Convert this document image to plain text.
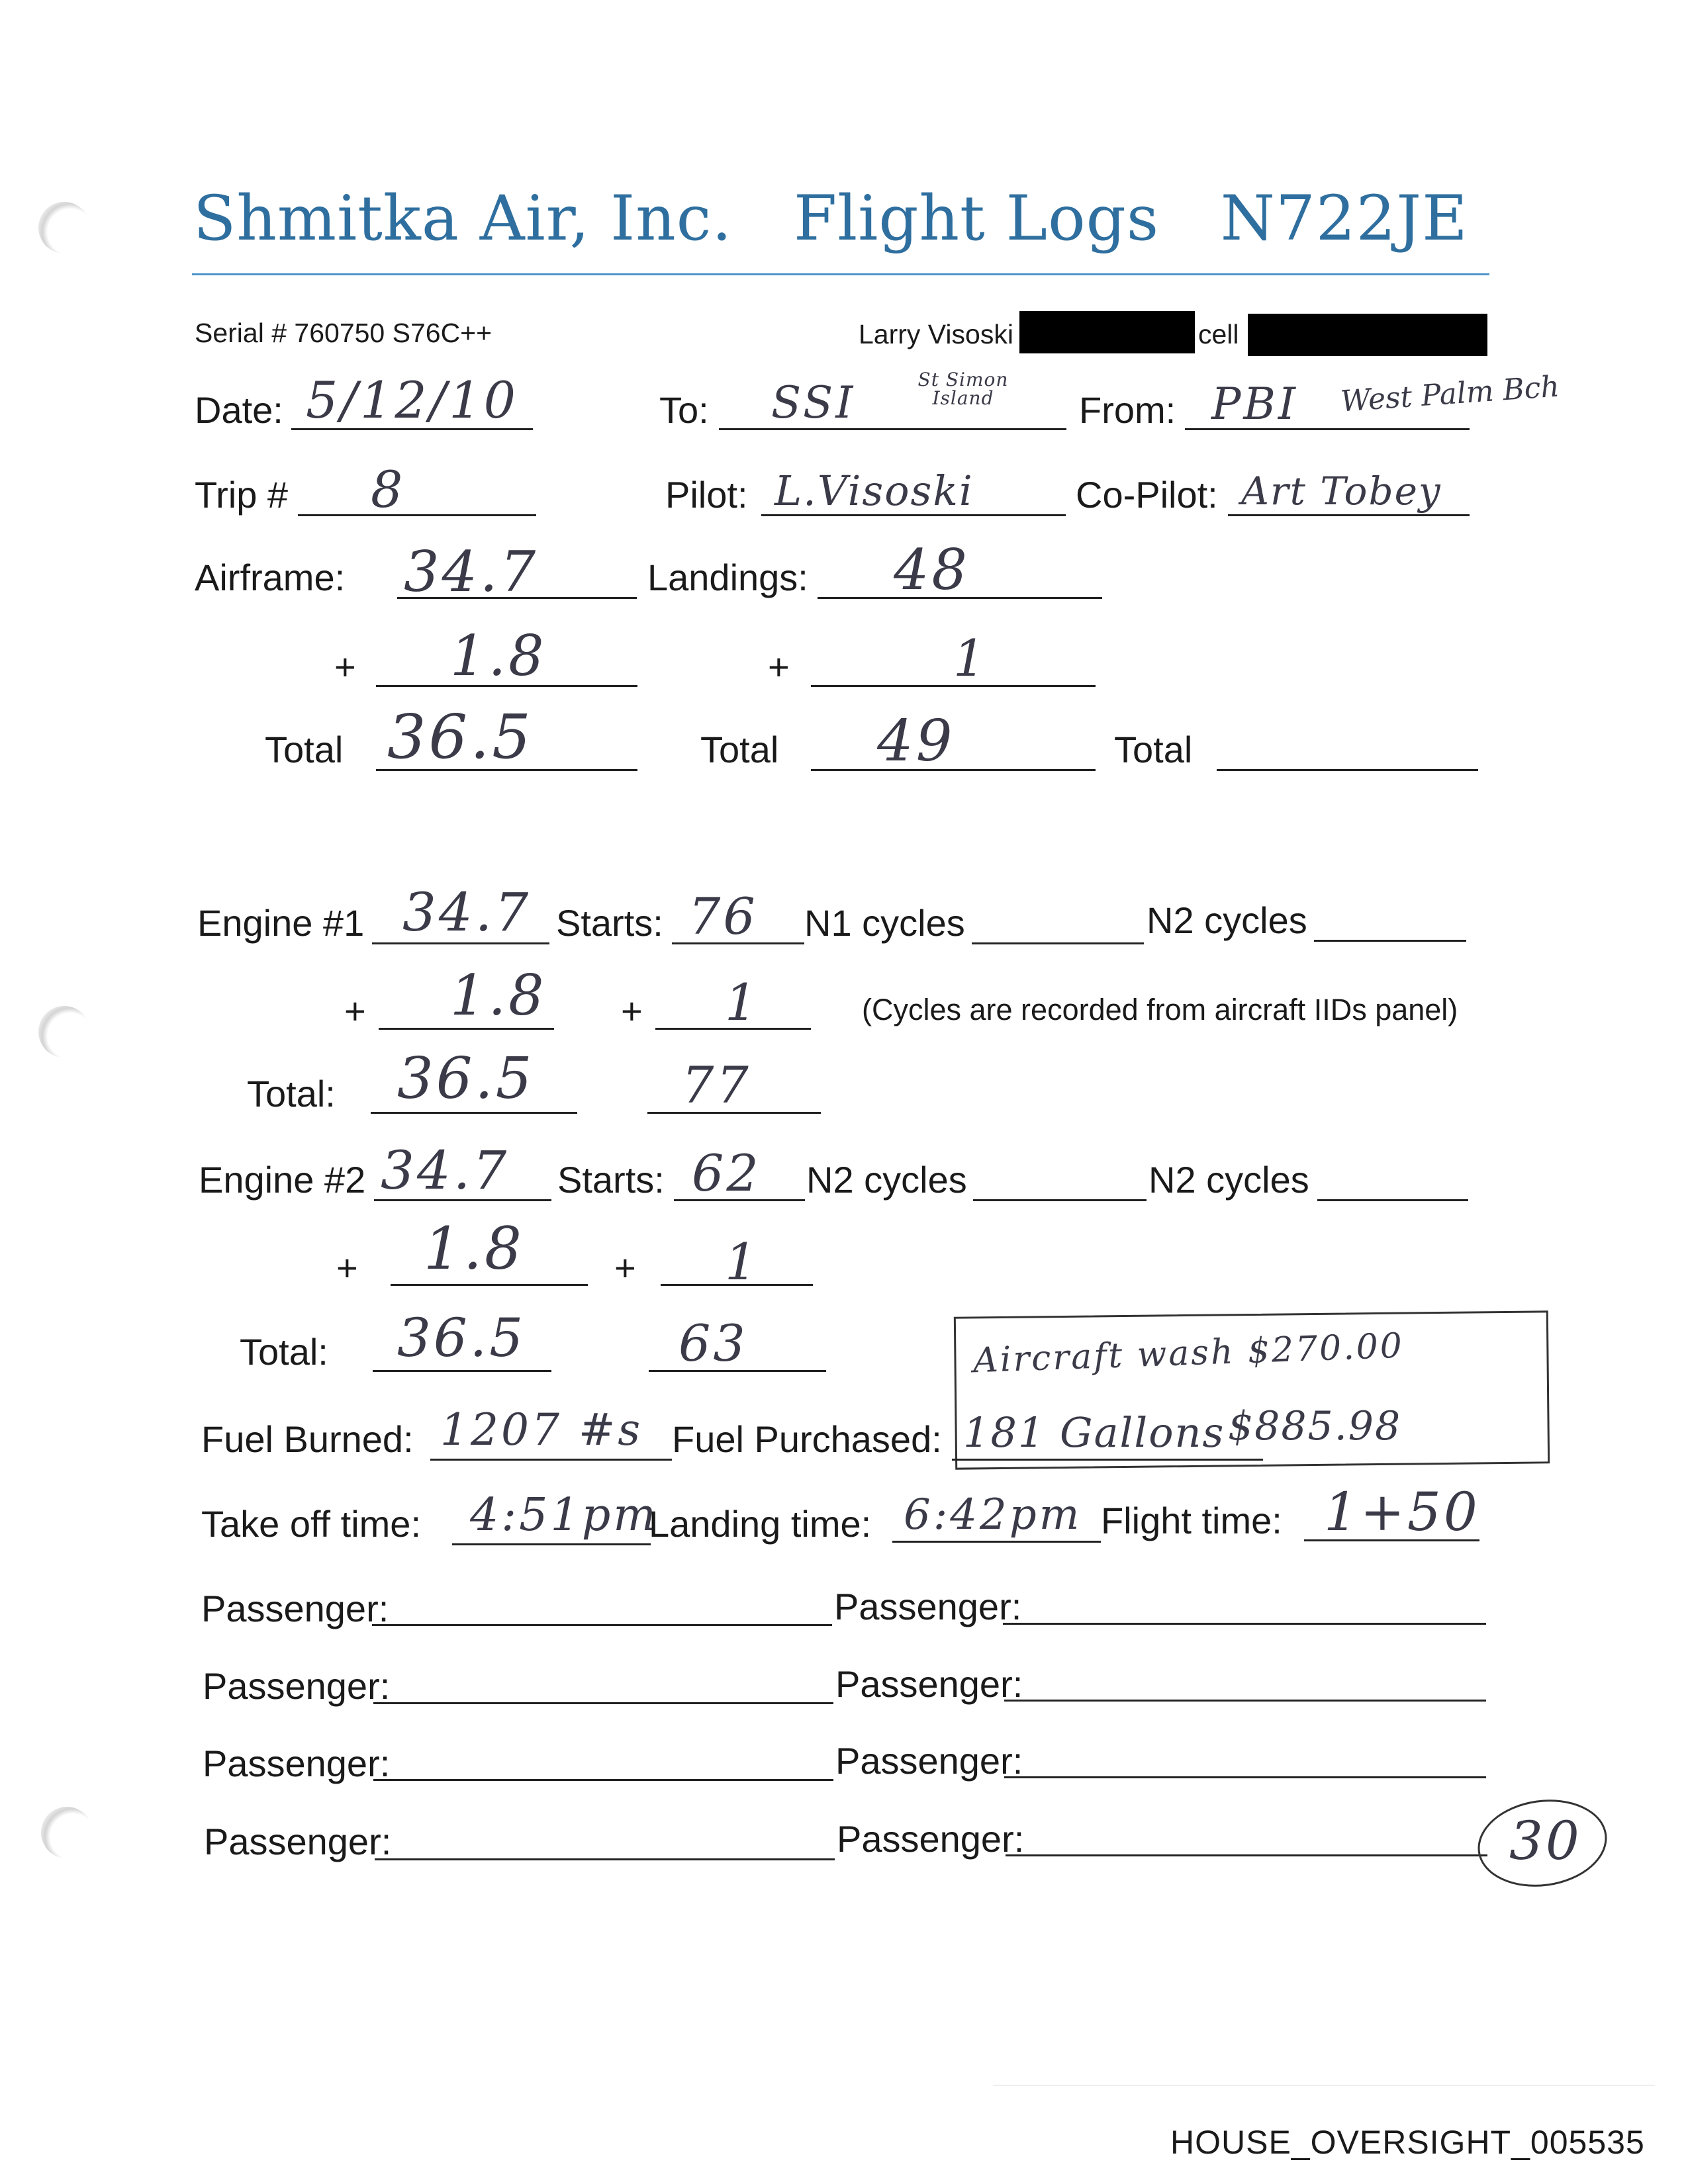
Shmitka Air, Inc. Flight Logs N722JE
Serial # 760750 S76C++	Larry Visoski	cell
Date: 5/12/10	To: SSI	St Simon Island	From: PBI West Palm Bch
Trip # 8	Pilot: L.Visoski	Co-Pilot: Art Tobey
Airframe: 34.7	Landings: 48
+ 1.8	+	1
Total 36.5	Total 49	Total
Engine #1 34.7 Starts: 76 N1 cycles	N2 cycles
+ 1.8 + 1	(Cycles are recorded from aircraft IIDs panel)
Total: 36.5	77
Engine #2 34.7 Starts: 62 N2 cycles	N2 cycles
+ 1.8 + 1
Total: 36.5	63	Aircraft wash $270.00
Fuel Burned: 1207 #s Fuel Purchased: 181 Gallons $885.98
Take off time: 4:51pm
Landing time: 6:42pm Flight time: 1+50
Passenger:	Passenger:
Passenger:	Passenger:
Passenger:	Passenger:
Passenger:	Passenger:	30
HOUSE_OVERSIGHT_005535
